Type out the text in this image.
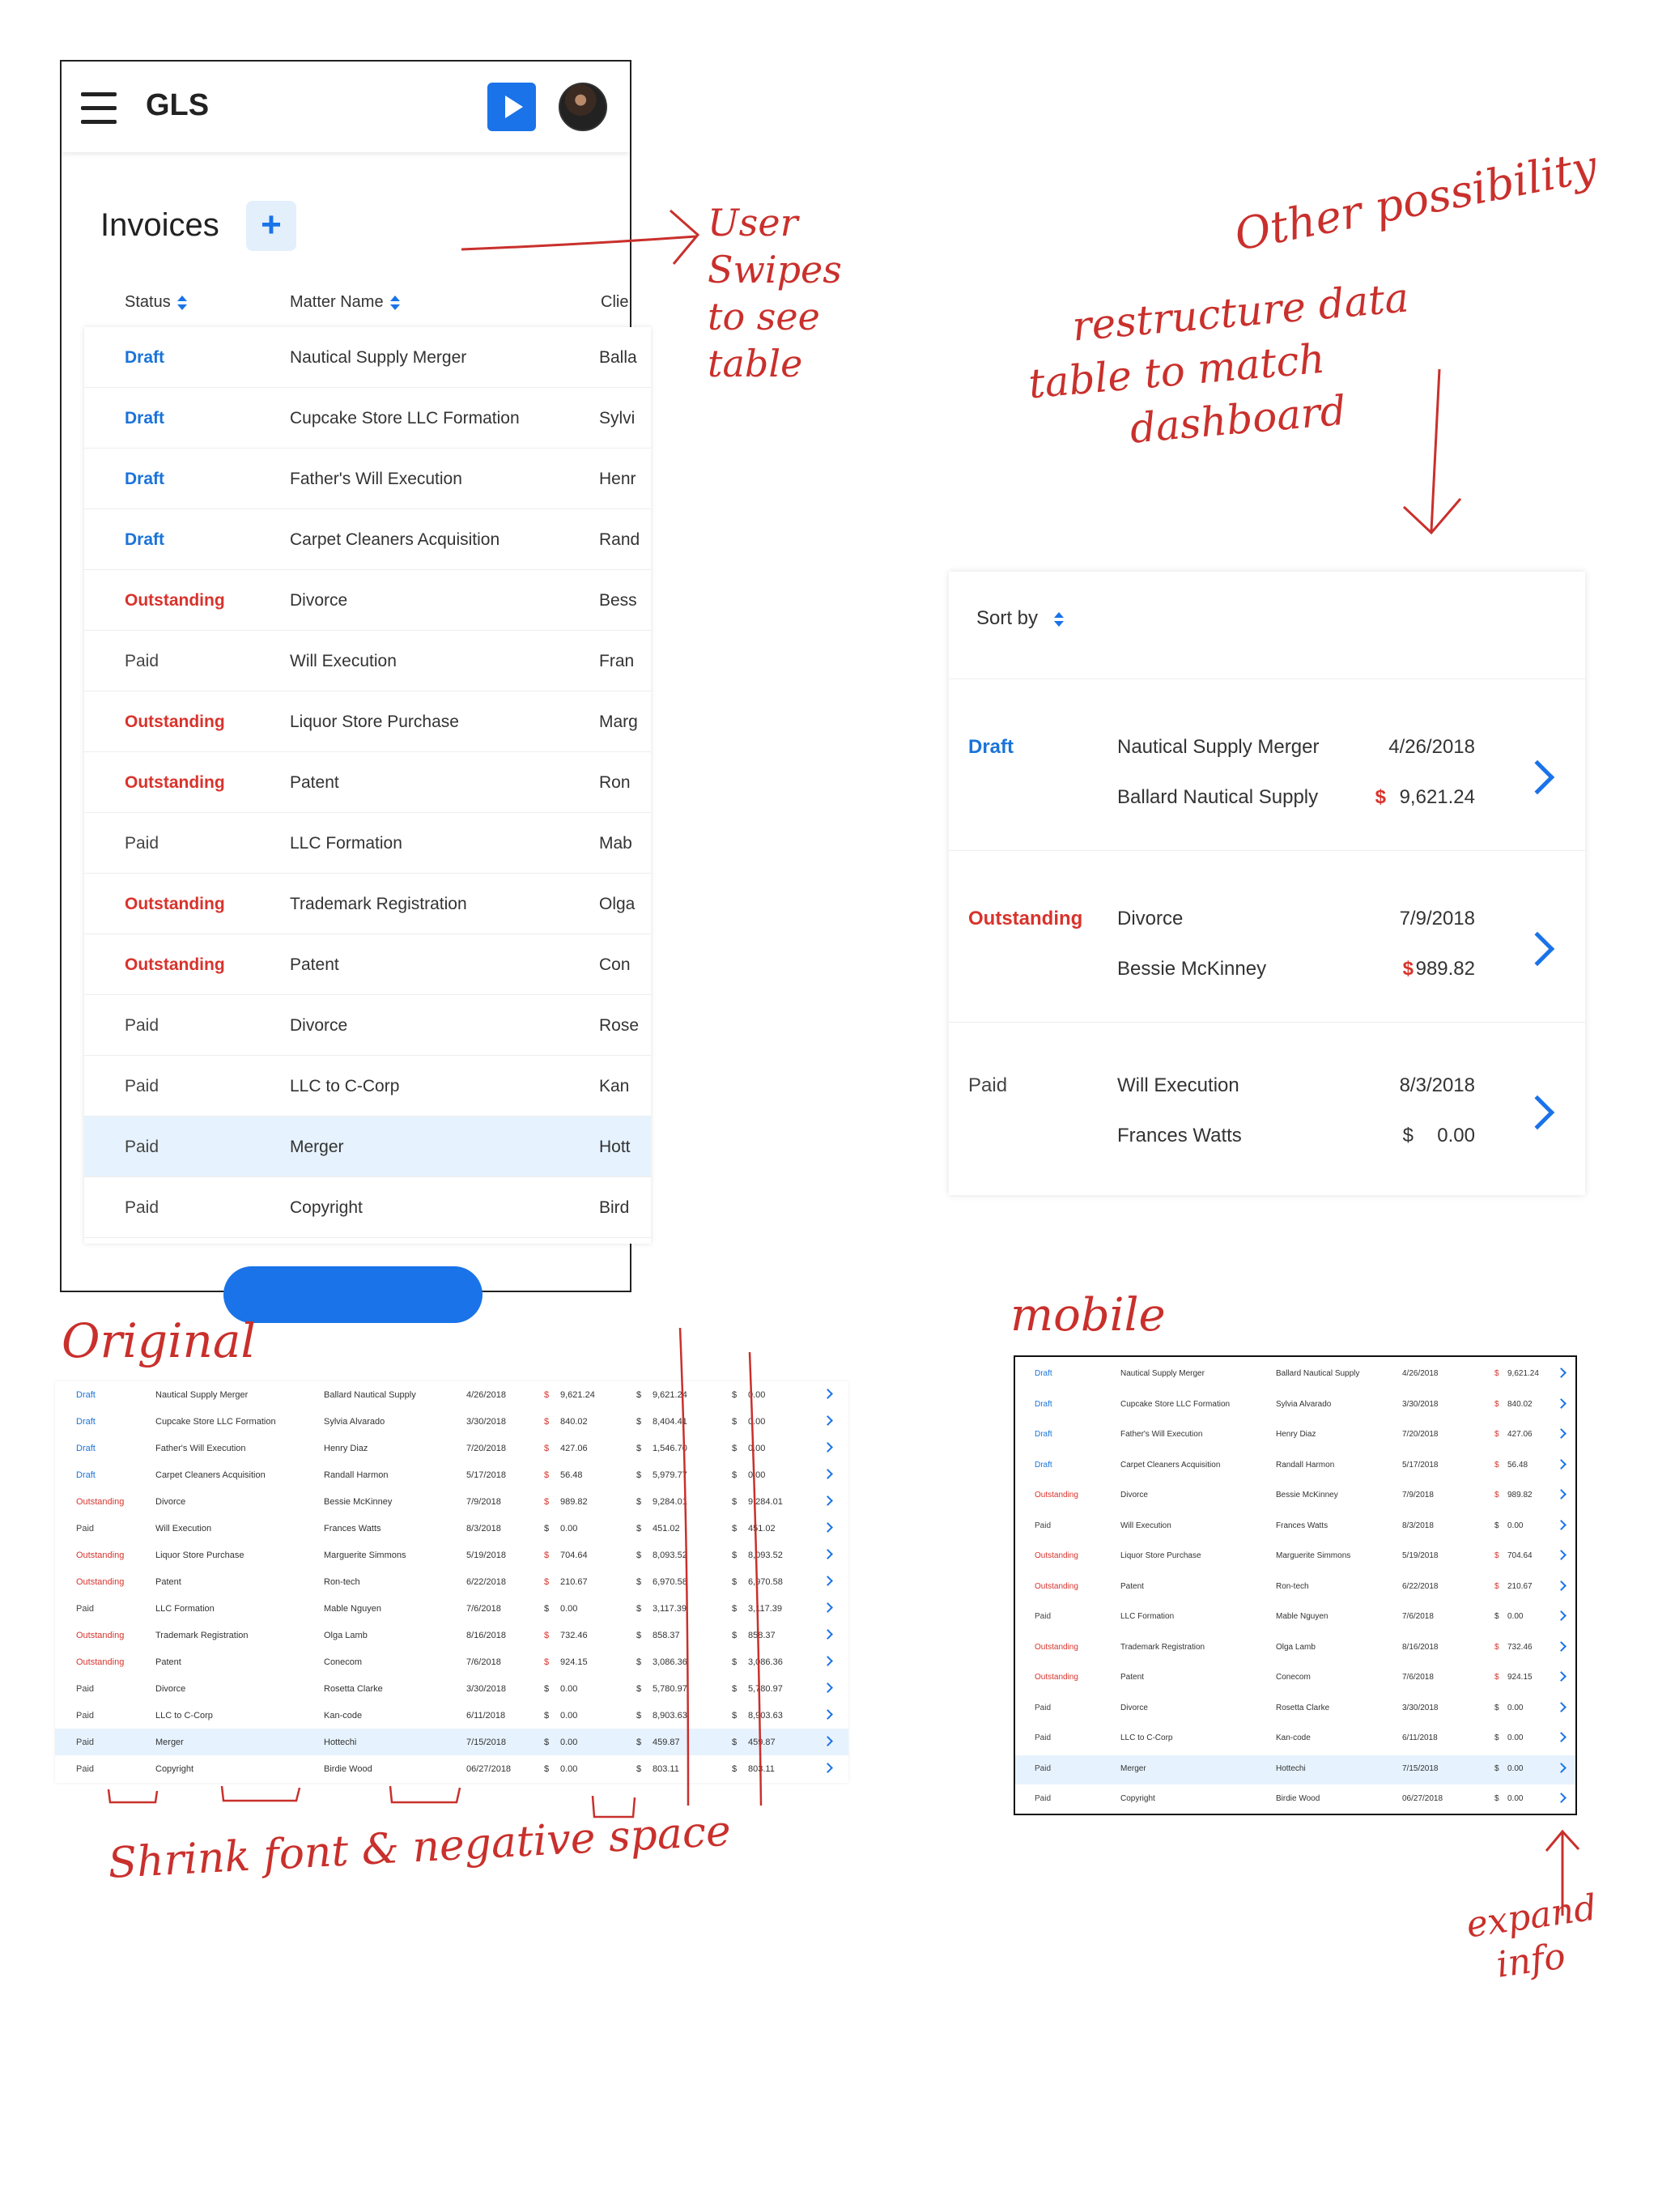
GLS
Invoices	+
Status	Matter Name	Clie
Draft	Nautical Supply Merger	Balla
Draft	Cupcake Store LLC Formation	Sylvi
Draft	Father's Will Execution	Henr
Draft	Carpet Cleaners Acquisition	Rand
Outstanding	Divorce	Bess
Paid	Will Execution	Fran
Outstanding	Liquor Store Purchase	Marg
Outstanding	Patent	Ron
Paid	LLC Formation	Mab
Outstanding	Trademark Registration	Olga
Outstanding	Patent	Con
Paid	Divorce	Rose
Paid	LLC to C-Corp	Kan
Paid	Merger	Hott
Paid	Copyright	Bird
User
Swipes
to see
table
Other possibility
restructure data
table to match
dashboard
Sort by
Draft	Nautical Supply Merger	4/26/2018
Ballard Nautical Supply	$ 9,621.24
Outstanding Divorce	7/9/2018
Bessie McKinney	$ 989.82
Paid	Will Execution	8/3/2018
Frances Watts	$ 0.00
Original
Draft	Nautical Supply Merger	Ballard Nautical Supply	4/26/2018	$ 9,621.24	$ 9,621.24	$ 0.00
Draft	Cupcake Store LLC Formation	Sylvia Alvarado	3/30/2018	$ 840.02	$ 8,404.41	$ 0.00
Draft	Father's Will Execution	Henry Diaz	7/20/2018	$ 427.06	$ 1,546.70	$ 0.00
Draft	Carpet Cleaners Acquisition	Randall Harmon	5/17/2018	$ 56.48	$ 5,979.77	$ 0.00
Outstanding	Divorce	Bessie McKinney	7/9/2018	$ 989.82	$ 9,284.01	$ 9,284.01
Paid	Will Execution	Frances Watts	8/3/2018	$ 0.00	$ 451.02	$ 451.02
Outstanding	Liquor Store Purchase	Marguerite Simmons	5/19/2018	$ 704.64	$ 8,093.52	$ 8,093.52
Outstanding	Patent	Ron-tech	6/22/2018	$ 210.67	$ 6,970.58	$ 6,970.58
Paid	LLC Formation	Mable Nguyen	7/6/2018	$ 0.00	$ 3,117.39	$ 3,117.39
Outstanding	Trademark Registration	Olga Lamb	8/16/2018	$ 732.46	$ 858.37	$ 858.37
Outstanding	Patent	Conecom	7/6/2018	$ 924.15	$ 3,086.36	$ 3,086.36
Paid	Divorce	Rosetta Clarke	3/30/2018	$ 0.00	$ 5,780.97	$ 5,780.97
Paid	LLC to C-Corp	Kan-code	6/11/2018	$ 0.00	$ 8,903.63	$ 8,903.63
Paid	Merger	Hottechi	7/15/2018	$ 0.00	$ 459.87	$ 459.87
Paid	Copyright	Birdie Wood	06/27/2018	$ 0.00	$ 803.11	$ 803.11
Shrink font & negative space
mobile
Draft	Nautical Supply Merger	Ballard Nautical Supply	4/26/2018	$ 9,621.24
Draft	Cupcake Store LLC Formation	Sylvia Alvarado	3/30/2018	$ 840.02
Draft	Father's Will Execution	Henry Diaz	7/20/2018	$ 427.06
Draft	Carpet Cleaners Acquisition	Randall Harmon	5/17/2018	$ 56.48
Outstanding	Divorce	Bessie McKinney	7/9/2018	$ 989.82
Paid	Will Execution	Frances Watts	8/3/2018	$ 0.00
Outstanding	Liquor Store Purchase	Marguerite Simmons	5/19/2018	$ 704.64
Outstanding	Patent	Ron-tech	6/22/2018	$ 210.67
Paid	LLC Formation	Mable Nguyen	7/6/2018	$ 0.00
Outstanding	Trademark Registration	Olga Lamb	8/16/2018	$ 732.46
Outstanding	Patent	Conecom	7/6/2018	$ 924.15
Paid	Divorce	Rosetta Clarke	3/30/2018	$ 0.00
Paid	LLC to C-Corp	Kan-code	6/11/2018	$ 0.00
Paid	Merger	Hottechi	7/15/2018	$ 0.00
Paid	Copyright	Birdie Wood	06/27/2018	$ 0.00
expand
info
